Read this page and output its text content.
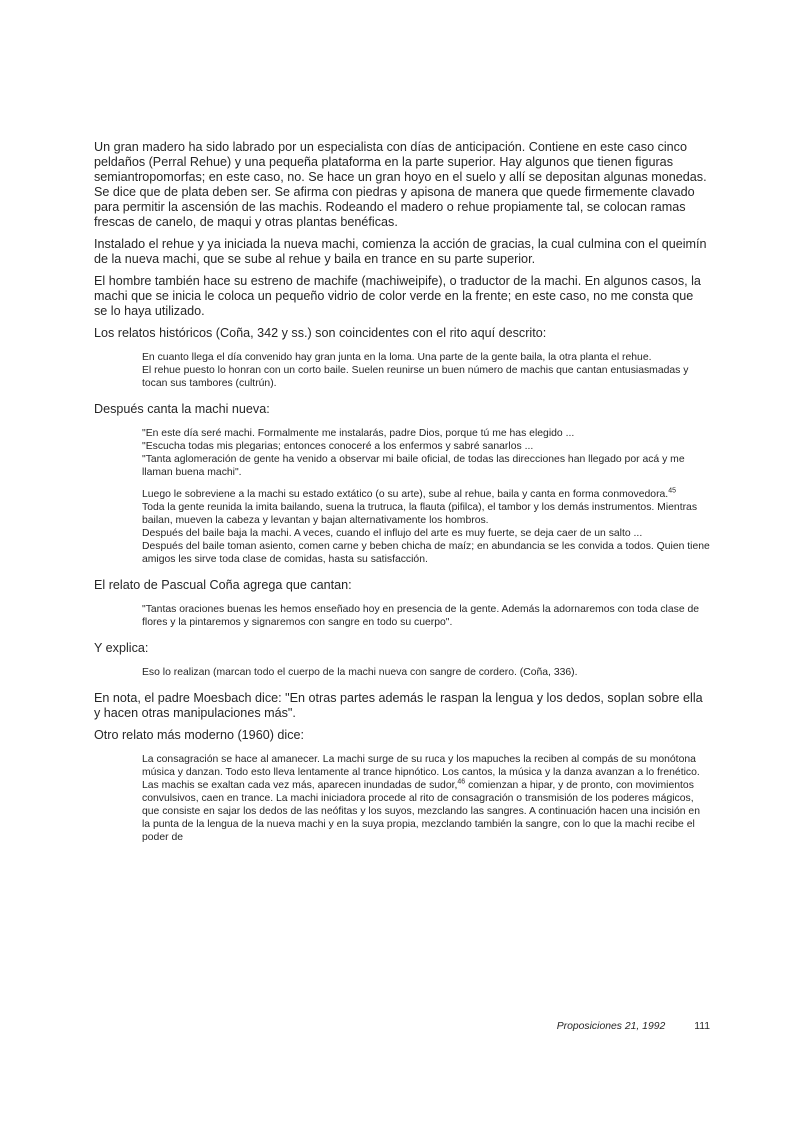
Un gran madero ha sido labrado por un especialista con días de anticipación. Contiene en este caso cinco peldaños (Perral Rehue) y una pequeña plataforma en la parte superior. Hay algunos que tienen figuras semiantropomorfas; en este caso, no. Se hace un gran hoyo en el suelo y allí se depositan algunas monedas. Se dice que de plata deben ser. Se afirma con piedras y apisona de manera que quede firmemente clavado para permitir la ascensión de las machis. Rodeando el madero o rehue propiamente tal, se colocan ramas frescas de canelo, de maqui y otras plantas benéficas.

Instalado el rehue y ya iniciada la nueva machi, comienza la acción de gracias, la cual culmina con el queimín de la nueva machi, que se sube al rehue y baila en trance en su parte superior.

El hombre también hace su estreno de machife (machiweipife), o traductor de la machi. En algunos casos, la machi que se inicia le coloca un pequeño vidrio de color verde en la frente; en este caso, no me consta que se lo haya utilizado.

Los relatos históricos (Coña, 342 y ss.) son coincidentes con el rito aquí descrito:

En cuanto llega el día convenido hay gran junta en la loma. Una parte de la gente baila, la otra planta el rehue.
El rehue puesto lo honran con un corto baile. Suelen reunirse un buen número de machis que cantan entusiasmadas y tocan sus tambores (cultrún).

Después canta la machi nueva:

"En este día seré machi. Formalmente me instalarás, padre Dios, porque tú me has elegido ...
"Escucha todas mis plegarias; entonces conoceré a los enfermos y sabré sanarlos ...
"Tanta aglomeración de gente ha venido a observar mi baile oficial, de todas las direcciones han llegado por acá y me llaman buena machi".
Luego le sobreviene a la machi su estado extático (o su arte), sube al rehue, baila y canta en forma conmovedora.$^{45}$
Toda la gente reunida la imita bailando, suena la trutruca, la flauta (pifilca), el tambor y los demás instrumentos. Mientras bailan, mueven la cabeza y levantan y bajan alternativamente los hombros.
Después del baile baja la machi. A veces, cuando el influjo del arte es muy fuerte, se deja caer de un salto ...
Después del baile toman asiento, comen carne y beben chicha de maíz; en abundancia se les convida a todos. Quien tiene amigos les sirve toda clase de comidas, hasta su satisfacción.

El relato de Pascual Coña agrega que cantan:

"Tantas oraciones buenas les hemos enseñado hoy en presencia de la gente. Además la adornaremos con toda clase de flores y la pintaremos y signaremos con sangre en todo su cuerpo".

Y explica:

Eso lo realizan (marcan todo el cuerpo de la machi nueva con sangre de cordero. (Coña, 336).

En nota, el padre Moesbach dice: "En otras partes además le raspan la lengua y los dedos, soplan sobre ella y hacen otras manipulaciones más".

Otro relato más moderno (1960) dice:

La consagración se hace al amanecer. La machi surge de su ruca y los mapuches la reciben al compás de su monótona música y danzan. Todo esto lleva lentamente al trance hipnótico. Los cantos, la música y la danza avanzan a lo frenético. Las machis se exaltan cada vez más, aparecen inundadas de sudor,$^{46}$ comienzan a hipar, y de pronto, con movimientos convulsivos, caen en trance. La machi iniciadora procede al rito de consagración o transmisión de los poderes mágicos, que consiste en sajar los dedos de las neófitas y los suyos, mezclando las sangres. A continuación hacen una incisión en la punta de la lengua de la nueva machi y en la suya propia, mezclando también la sangre, con lo que la machi recibe el poder de
Proposiciones 21, 1992	111
